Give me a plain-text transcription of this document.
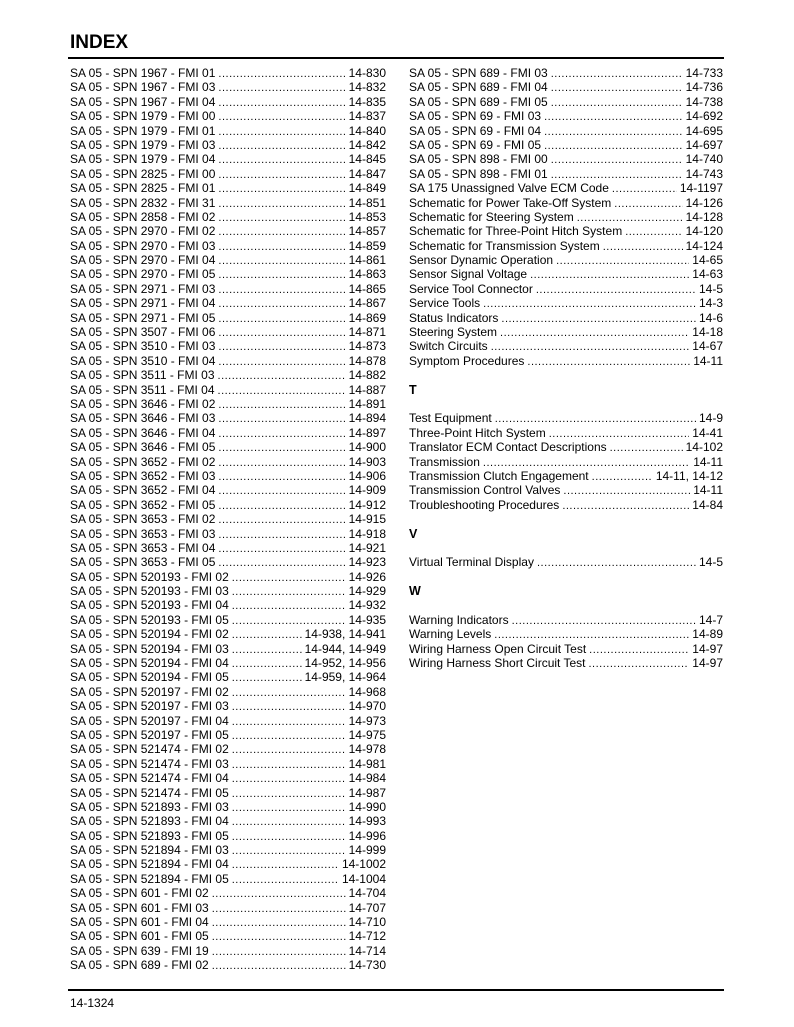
INDEX
SA 05 - SPN 1967 - FMI 01 .....	14-830
SA 05 - SPN 1967 - FMI 03 .....	14-832
SA 05 - SPN 1967 - FMI 04 .....	14-835
SA 05 - SPN 1979 - FMI 00 .....	14-837
SA 05 - SPN 1979 - FMI 01 .....	14-840
SA 05 - SPN 1979 - FMI 03 .....	14-842
SA 05 - SPN 1979 - FMI 04 .....	14-845
SA 05 - SPN 2825 - FMI 00 .....	14-847
SA 05 - SPN 2825 - FMI 01 .....	14-849
SA 05 - SPN 2832 - FMI 31 .....	14-851
SA 05 - SPN 2858 - FMI 02 .....	14-853
SA 05 - SPN 2970 - FMI 02 .....	14-857
SA 05 - SPN 2970 - FMI 03 .....	14-859
SA 05 - SPN 2970 - FMI 04 .....	14-861
SA 05 - SPN 2970 - FMI 05 .....	14-863
SA 05 - SPN 2971 - FMI 03 .....	14-865
SA 05 - SPN 2971 - FMI 04 .....	14-867
SA 05 - SPN 2971 - FMI 05 .....	14-869
SA 05 - SPN 3507 - FMI 06 .....	14-871
SA 05 - SPN 3510 - FMI 03 .....	14-873
SA 05 - SPN 3510 - FMI 04 .....	14-878
SA 05 - SPN 3511 - FMI 03 .....	14-882
SA 05 - SPN 3511 - FMI 04 .....	14-887
SA 05 - SPN 3646 - FMI 02 .....	14-891
SA 05 - SPN 3646 - FMI 03 .....	14-894
SA 05 - SPN 3646 - FMI 04 .....	14-897
SA 05 - SPN 3646 - FMI 05 .....	14-900
SA 05 - SPN 3652 - FMI 02 .....	14-903
SA 05 - SPN 3652 - FMI 03 .....	14-906
SA 05 - SPN 3652 - FMI 04 .....	14-909
SA 05 - SPN 3652 - FMI 05 .....	14-912
SA 05 - SPN 3653 - FMI 02 .....	14-915
SA 05 - SPN 3653 - FMI 03 .....	14-918
SA 05 - SPN 3653 - FMI 04 .....	14-921
SA 05 - SPN 3653 - FMI 05 .....	14-923
SA 05 - SPN 520193 - FMI 02 .....	14-926
SA 05 - SPN 520193 - FMI 03 .....	14-929
SA 05 - SPN 520193 - FMI 04 .....	14-932
SA 05 - SPN 520193 - FMI 05 .....	14-935
SA 05 - SPN 520194 - FMI 02 .....	14-938, 14-941
SA 05 - SPN 520194 - FMI 03 .....	14-944, 14-949
SA 05 - SPN 520194 - FMI 04 .....	14-952, 14-956
SA 05 - SPN 520194 - FMI 05 .....	14-959, 14-964
SA 05 - SPN 520197 - FMI 02 .....	14-968
SA 05 - SPN 520197 - FMI 03 .....	14-970
SA 05 - SPN 520197 - FMI 04 .....	14-973
SA 05 - SPN 520197 - FMI 05 .....	14-975
SA 05 - SPN 521474 - FMI 02 .....	14-978
SA 05 - SPN 521474 - FMI 03 .....	14-981
SA 05 - SPN 521474 - FMI 04 .....	14-984
SA 05 - SPN 521474 - FMI 05 .....	14-987
SA 05 - SPN 521893 - FMI 03 .....	14-990
SA 05 - SPN 521893 - FMI 04 .....	14-993
SA 05 - SPN 521893 - FMI 05 .....	14-996
SA 05 - SPN 521894 - FMI 03 .....	14-999
SA 05 - SPN 521894 - FMI 04 .....	14-1002
SA 05 - SPN 521894 - FMI 05 .....	14-1004
SA 05 - SPN 601 - FMI 02 .....	14-704
SA 05 - SPN 601 - FMI 03 .....	14-707
SA 05 - SPN 601 - FMI 04 .....	14-710
SA 05 - SPN 601 - FMI 05 .....	14-712
SA 05 - SPN 639 - FMI 19 .....	14-714
SA 05 - SPN 689 - FMI 02 .....	14-730
SA 05 - SPN 689 - FMI 03 .....	14-733
SA 05 - SPN 689 - FMI 04 .....	14-736
SA 05 - SPN 689 - FMI 05 .....	14-738
SA 05 - SPN 69 - FMI 03 .....	14-692
SA 05 - SPN 69 - FMI 04 .....	14-695
SA 05 - SPN 69 - FMI 05 .....	14-697
SA 05 - SPN 898 - FMI 00 .....	14-740
SA 05 - SPN 898 - FMI 01 .....	14-743
SA 175 Unassigned Valve ECM Code .....	14-1197
Schematic for Power Take-Off System .....	14-126
Schematic for Steering System .....	14-128
Schematic for Three-Point Hitch System .....	14-120
Schematic for Transmission System .....	14-124
Sensor Dynamic Operation .....	14-65
Sensor Signal Voltage .....	14-63
Service Tool Connector .....	14-5
Service Tools .....	14-3
Status Indicators .....	14-6
Steering System .....	14-18
Switch Circuits .....	14-67
Symptom Procedures .....	14-11
T
Test Equipment .....	14-9
Three-Point Hitch System .....	14-41
Translator ECM Contact Descriptions .....	14-102
Transmission .....	14-11
Transmission Clutch Engagement .....	14-11, 14-12
Transmission Control Valves .....	14-11
Troubleshooting Procedures .....	14-84
V
Virtual Terminal Display .....	14-5
W
Warning Indicators .....	14-7
Warning Levels .....	14-89
Wiring Harness Open Circuit Test .....	14-97
Wiring Harness Short Circuit Test .....	14-97
14-1324
